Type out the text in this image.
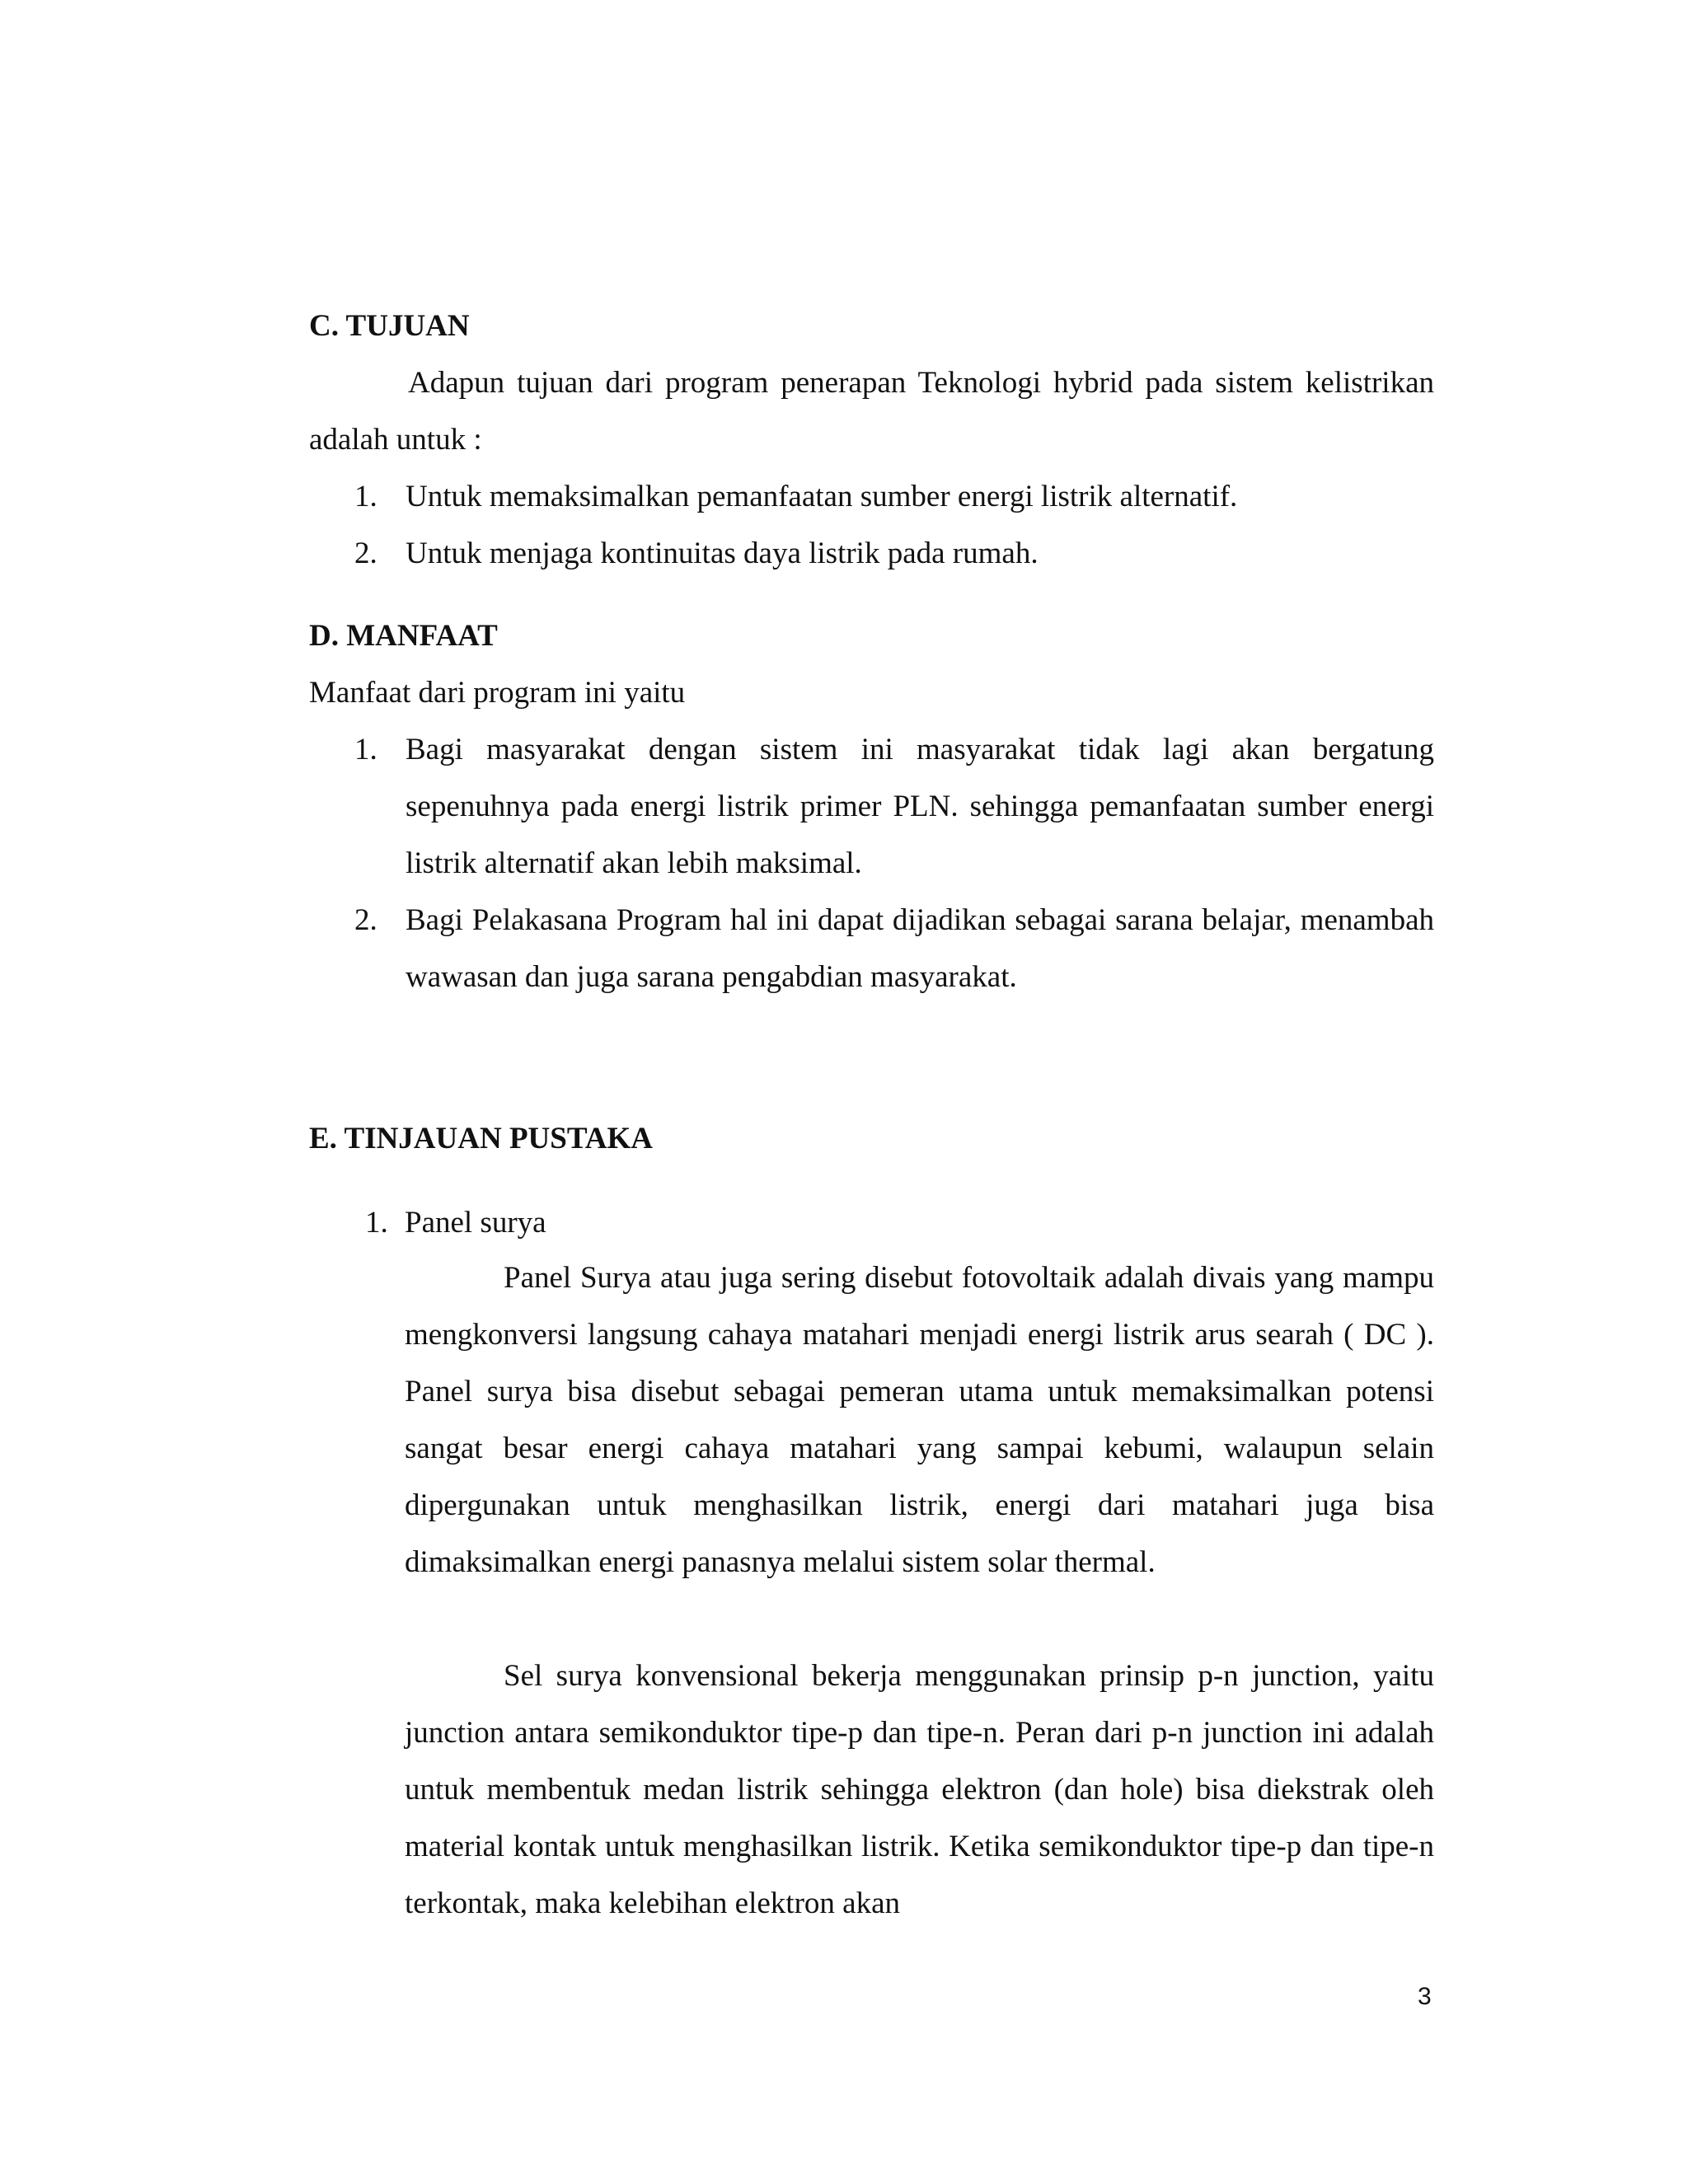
C. TUJUAN
Adapun tujuan dari program penerapan Teknologi hybrid pada sistem kelistrikan adalah untuk :
1. Untuk memaksimalkan pemanfaatan sumber energi listrik alternatif.
2. Untuk menjaga kontinuitas daya listrik pada rumah.
D. MANFAAT
Manfaat dari program ini yaitu
1. Bagi masyarakat dengan sistem ini masyarakat tidak lagi akan bergatung sepenuhnya pada energi listrik primer PLN. sehingga pemanfaatan sumber energi listrik alternatif akan lebih maksimal.
2. Bagi Pelakasana Program hal ini dapat dijadikan sebagai sarana belajar, menambah wawasan dan juga sarana pengabdian masyarakat.
E. TINJAUAN PUSTAKA
1. Panel surya
Panel Surya atau juga sering disebut fotovoltaik adalah divais yang mampu mengkonversi langsung cahaya matahari menjadi energi listrik arus searah ( DC ). Panel surya bisa disebut sebagai pemeran utama untuk memaksimalkan potensi sangat besar energi cahaya matahari yang sampai kebumi, walaupun selain dipergunakan untuk menghasilkan listrik, energi dari matahari juga bisa dimaksimalkan energi panasnya melalui sistem solar thermal.
Sel surya konvensional bekerja menggunakan prinsip p-n junction, yaitu junction antara semikonduktor tipe-p dan tipe-n. Peran dari p-n junction ini adalah untuk membentuk medan listrik sehingga elektron (dan hole) bisa diekstrak oleh material kontak untuk menghasilkan listrik. Ketika semikonduktor tipe-p dan tipe-n terkontak, maka kelebihan elektron akan
3
